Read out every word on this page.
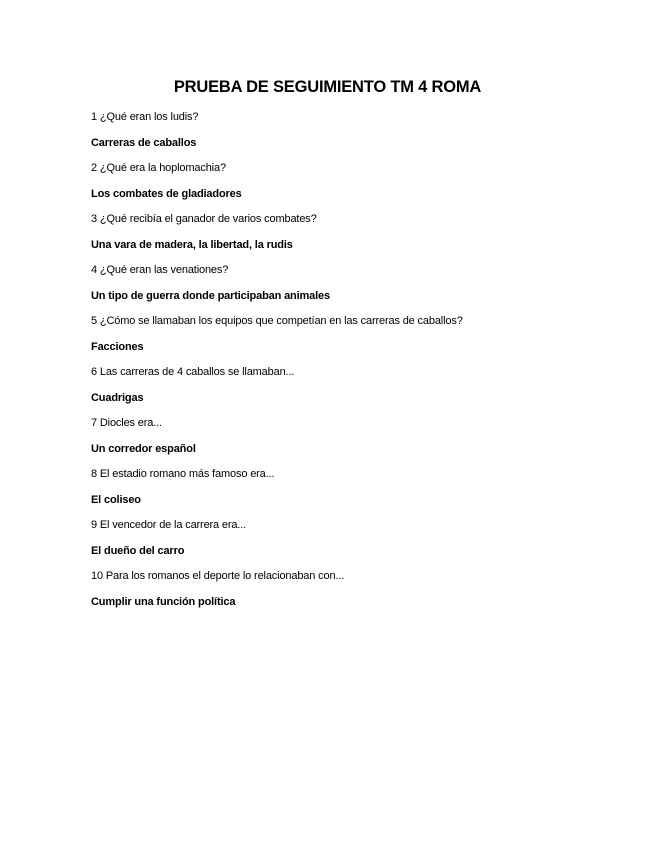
PRUEBA DE SEGUIMIENTO TM 4 ROMA
1 ¿Qué eran los ludis?
Carreras de caballos
2 ¿Qué era la hoplomachia?
Los combates de gladiadores
3 ¿Qué recibía el ganador de varios combates?
Una vara de madera, la libertad, la rudis
4 ¿Qué eran las venationes?
Un tipo de guerra donde participaban animales
5 ¿Cómo se llamaban los equipos que competían en las carreras de caballos?
Facciones
6 Las carreras de 4 caballos se llamaban...
Cuadrigas
7 Diocles era...
Un corredor español
8 El estadio romano más famoso era...
El coliseo
9 El vencedor de la carrera era...
El dueño del carro
10 Para los romanos el deporte lo relacionaban con...
Cumplir una función política
